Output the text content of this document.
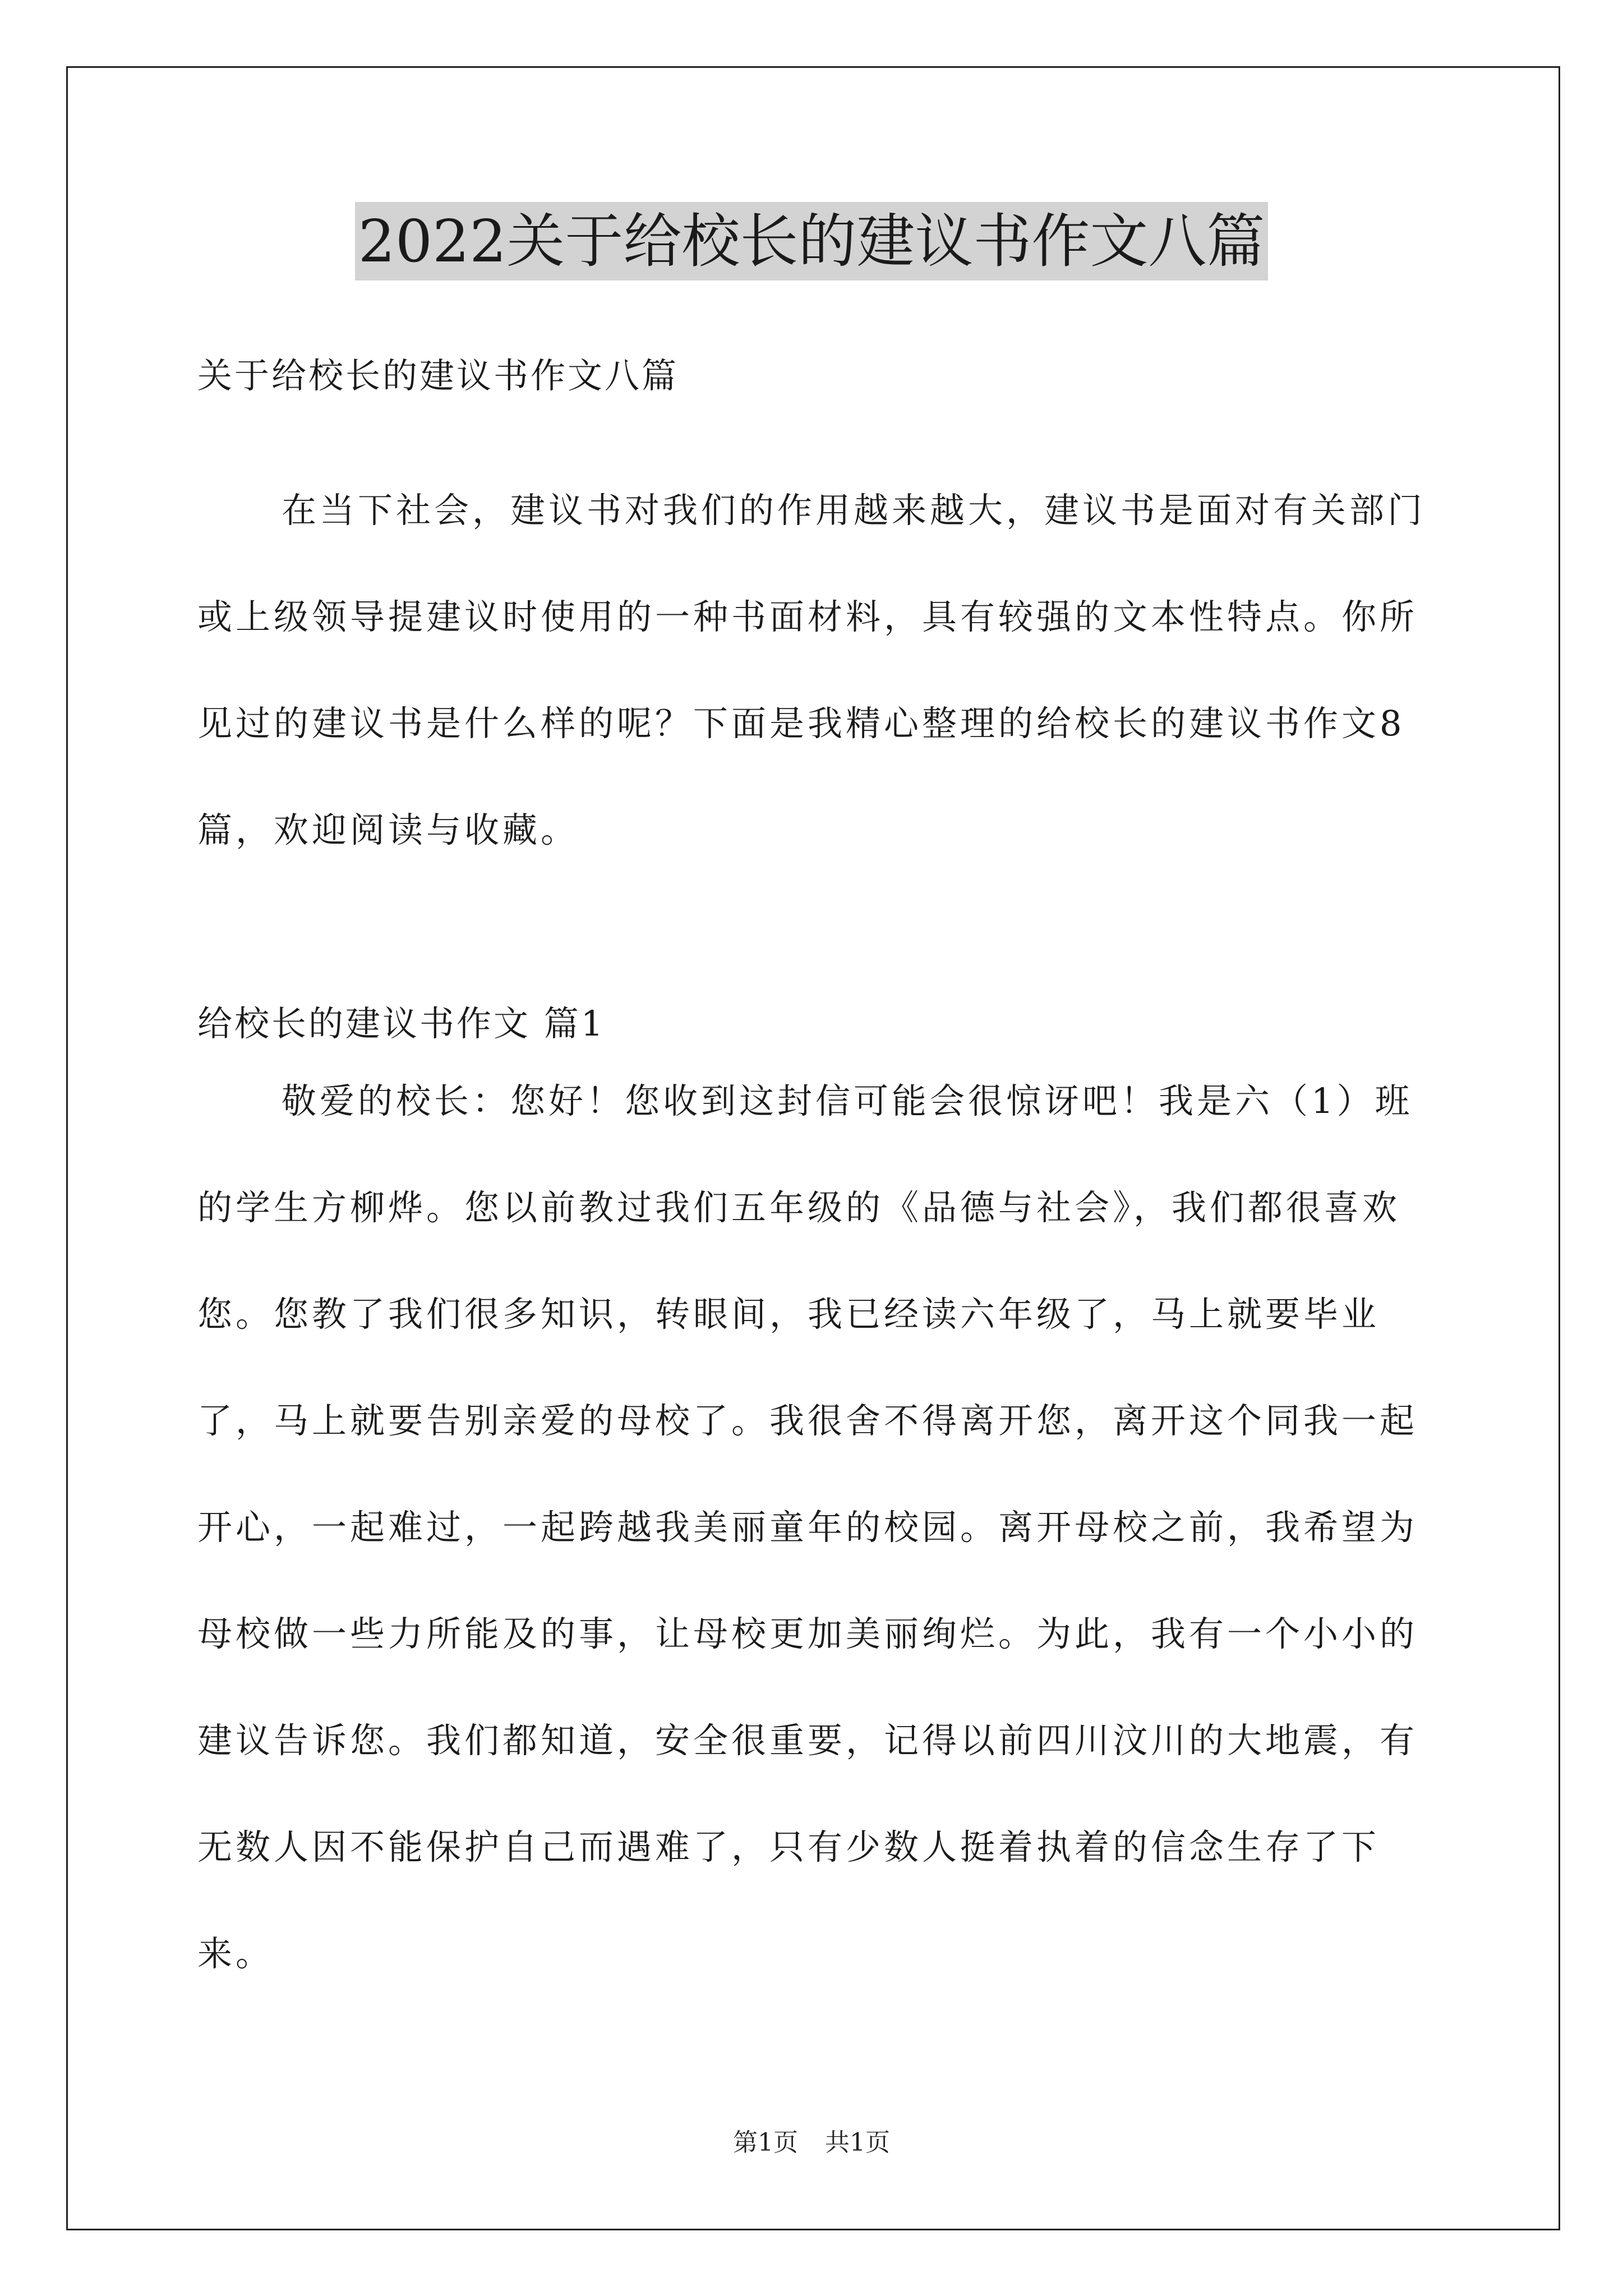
2022关于给校长的建议书作文八篇
关于给校长的建议书作文八篇

在当下社会，建议书对我们的作用越来越大，建议书是面对有关部门或上级领导提建议时使用的一种书面材料，具有较强的文本性特点。你所见过的建议书是什么样的呢？下面是我精心整理的给校长的建议书作文8篇，欢迎阅读与收藏。

给校长的建议书作文 篇1

敬爱的校长：您好！您收到这封信可能会很惊讶吧！我是六（1）班的学生方柳烨。您以前教过我们五年级的《品德与社会》，我们都很喜欢您。您教了我们很多知识，转眼间，我已经读六年级了，马上就要毕业了，马上就要告别亲爱的母校了。我很舍不得离开您，离开这个同我一起开心，一起难过，一起跨越我美丽童年的校园。离开母校之前，我希望为母校做一些力所能及的事，让母校更加美丽绚烂。为此，我有一个小小的建议告诉您。我们都知道，安全很重要，记得以前四川汶川的大地震，有无数人因不能保护自己而遇难了，只有少数人挺着执着的信念生存了下来。

第1页 共1页
